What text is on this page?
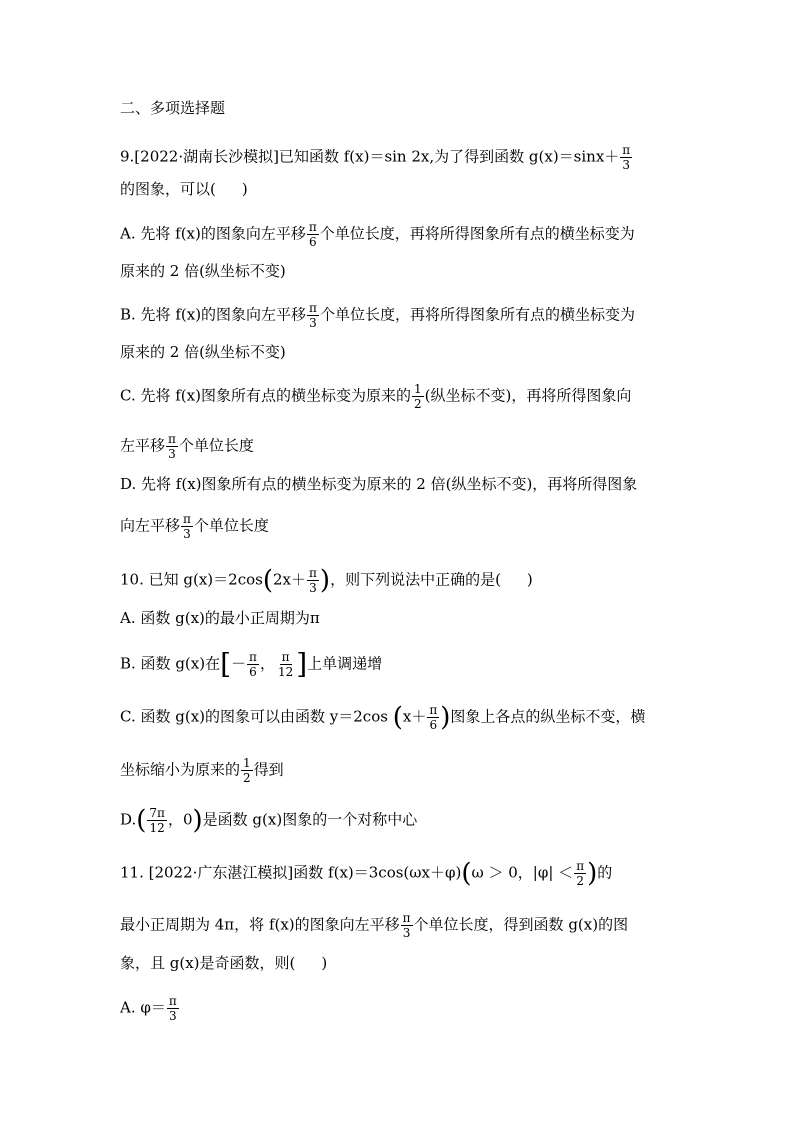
二、多项选择题
9.[2022·湖南长沙模拟]已知函数 f(x)＝sin 2x,为了得到函数 $g(x)=\sin x+ \frac{\pi}{3}$
的图象，可以( )
A. 先将 f(x)的图象向左平移 $\frac{\pi}{6}$ 个单位长度，再将所得图象所有点的横坐标变为
原来的 2 倍(纵坐标不变)
B. 先将 f(x)的图象向左平移 $\frac{\pi}{3}$ 个单位长度，再将所得图象所有点的横坐标变为
原来的 2 倍(纵坐标不变)
C. 先将 f(x)图象所有点的横坐标变为原来的 $\frac{1}{2}$ (纵坐标不变)，再将所得图象向
左平移 $\frac{\pi}{3}$ 个单位长度
D. 先将 f(x)图象所有点的横坐标变为原来的 2 倍(纵坐标不变)，再将所得图象
向左平移 $\frac{\pi}{3}$ 个单位长度
10. 已知 $g(x)=2\cos(2x+ \frac{\pi}{3}$ )，则下列说法中正确的是( )
A. 函数 g(x)的最小正周期为π
B. 函数 g(x)在[－ $\frac{\pi}{6}$ ， $\frac{\pi}{12}$ ]上单调递增
C. 函数 g(x)的图象可以由函数 y＝2cos ($x+ \frac{\pi}{6}$ )图象上各点的纵坐标不变，横
坐标缩小为原来的 $\frac{1}{2}$ 得到
$D.( \frac{7\pi}{12}$ ，0)是函数 g(x)图象的一个对称中心
11. [2022·广东湛江模拟]函数 f(x)＝3cos(ωx＋φ)(ω ＞ 0，$|\varphi| < \frac{\pi}{2}$ )的
最小正周期为 4π，将 f(x)的图象向左平移 $\frac{\pi}{3}$ 个单位长度，得到函数 g(x)的图
象，且 g(x)是奇函数，则( )
A. $\varphi= \frac{\pi}{3}$
